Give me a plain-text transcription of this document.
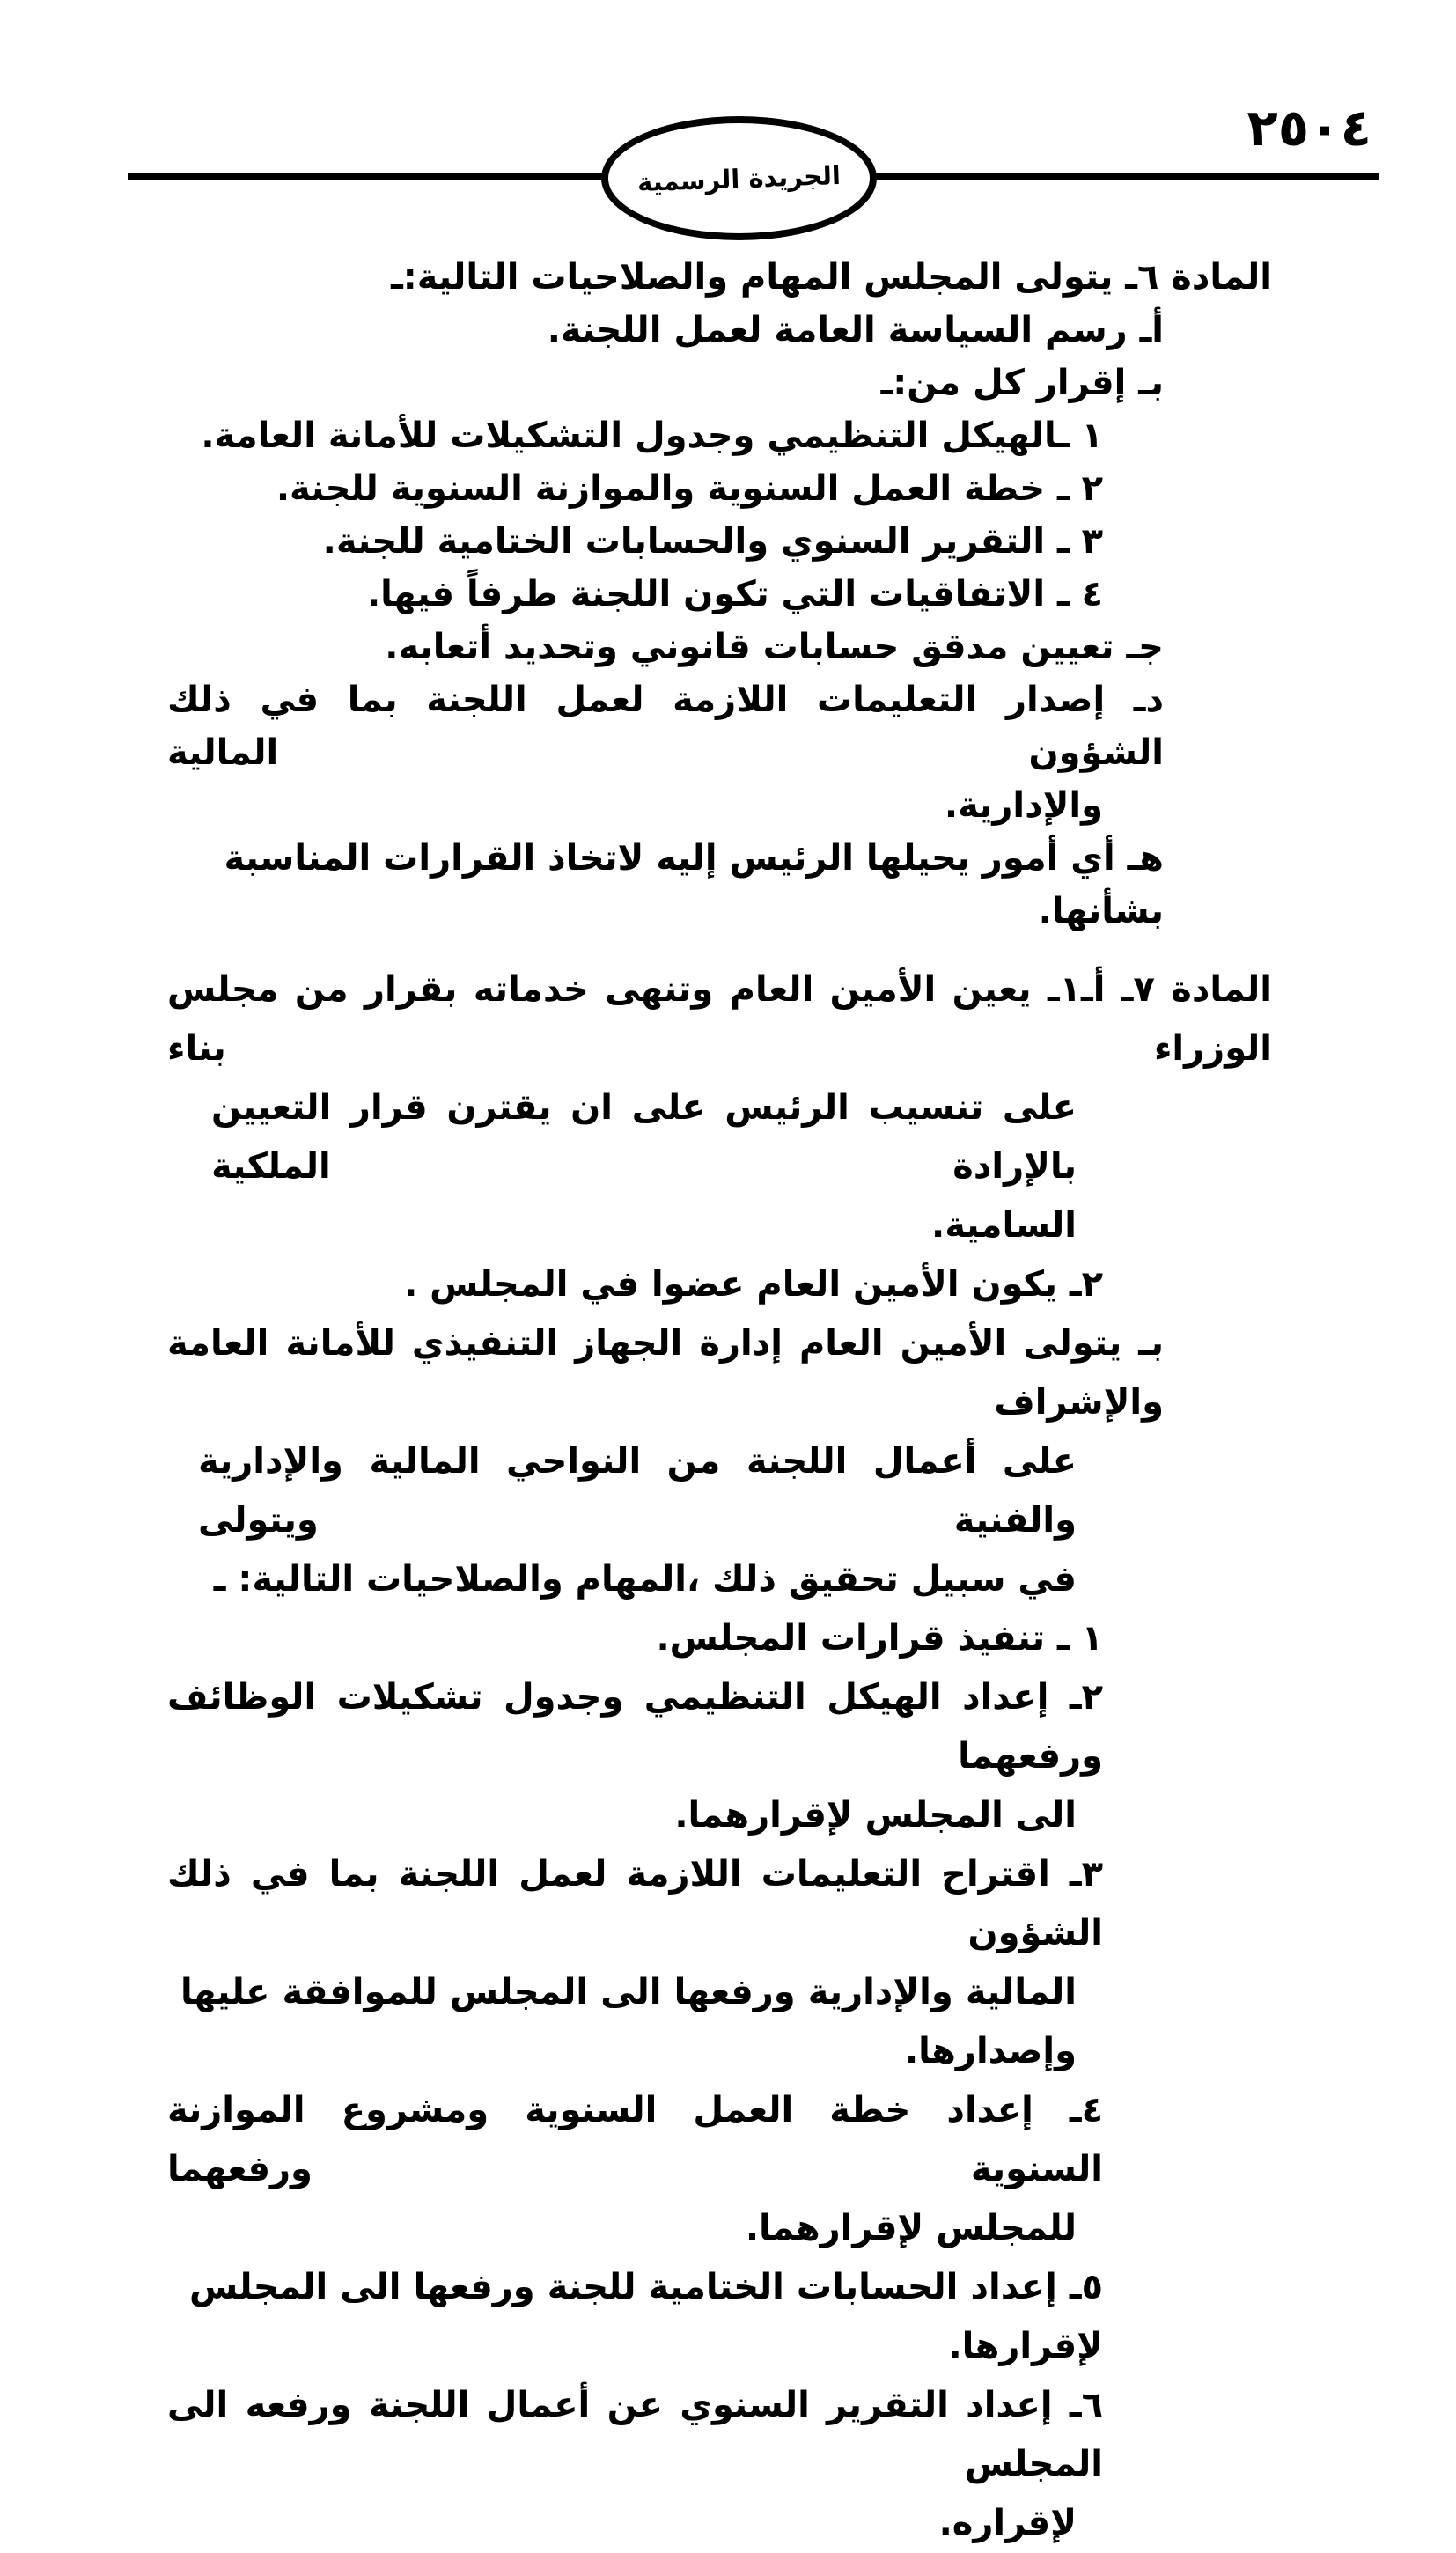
٢٥٠٤
الجريدة الرسمية
المادة ٦ـ يتولى المجلس المهام والصلاحيات التالية:ـ
أـ رسم السياسة العامة لعمل اللجنة.
بـ إقرار كل من:ـ
١ ـالهيكل التنظيمي وجدول التشكيلات للأمانة العامة.
٢ ـ خطة العمل السنوية والموازنة السنوية للجنة.
٣ ـ التقرير السنوي والحسابات الختامية للجنة.
٤ ـ الاتفاقيات التي تكون اللجنة طرفاً فيها.
جـ تعيين مدقق حسابات قانوني وتحديد أتعابه.
دـ إصدار التعليمات اللازمة لعمل اللجنة بما في ذلك الشؤون المالية
والإدارية.
هـ أي أمور يحيلها الرئيس إليه لاتخاذ القرارات المناسبة بشأنها.
المادة ٧ـ أـ١ـ يعين الأمين العام وتنهى خدماته بقرار من مجلس الوزراء بناء
على تنسيب الرئيس على ان يقترن قرار التعيين بالإرادة الملكية
السامية.
٢ـ يكون الأمين العام عضوا في المجلس .
بـ يتولى الأمين العام إدارة الجهاز التنفيذي للأمانة العامة والإشراف
على أعمال اللجنة من النواحي المالية والإدارية والفنية ويتولى
في سبيل تحقيق ذلك ،المهام والصلاحيات التالية: ـ
١ ـ تنفيذ قرارات المجلس.
٢ـ إعداد الهيكل التنظيمي وجدول تشكيلات الوظائف ورفعهما
الى المجلس لإقرارهما.
٣ـ اقتراح التعليمات اللازمة لعمل اللجنة بما في ذلك الشؤون
المالية والإدارية ورفعها الى المجلس للموافقة عليها وإصدارها.
٤ـ إعداد خطة العمل السنوية ومشروع الموازنة السنوية ورفعهما
للمجلس لإقرارهما.
٥ـ إعداد الحسابات الختامية للجنة ورفعها الى المجلس لإقرارها.
٦ـ إعداد التقرير السنوي عن أعمال اللجنة ورفعه الى المجلس
لإقراره.
